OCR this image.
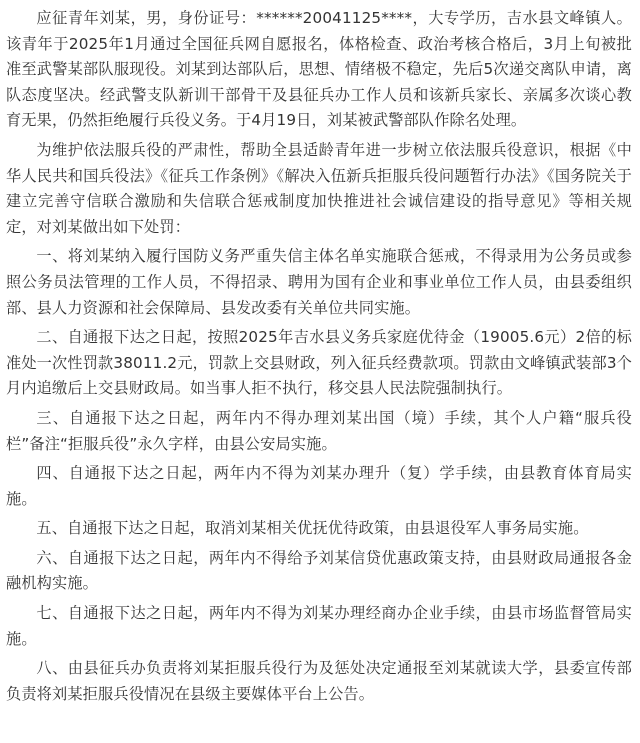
应征青年刘某，男，身份证号：******20041125****，大专学历，吉水县文峰镇人。该青年于2025年1月通过全国征兵网自愿报名，体格检查、政治考核合格后，3月上旬被批准至武警某部队服现役。刘某到达部队后，思想、情绪极不稳定，先后5次递交离队申请，离队态度坚决。经武警支队新训干部骨干及县征兵办工作人员和该新兵家长、亲属多次谈心教育无果，仍然拒绝履行兵役义务。于4月19日，刘某被武警部队作除名处理。

为维护依法服兵役的严肃性，帮助全县适龄青年进一步树立依法服兵役意识，根据《中华人民共和国兵役法》《征兵工作条例》《解决入伍新兵拒服兵役问题暂行办法》《国务院关于建立完善守信联合激励和失信联合惩戒制度加快推进社会诚信建设的指导意见》等相关规定，对刘某做出如下处罚：

一、将刘某纳入履行国防义务严重失信主体名单实施联合惩戒，不得录用为公务员或参照公务员法管理的工作人员，不得招录、聘用为国有企业和事业单位工作人员，由县委组织部、县人力资源和社会保障局、县发改委有关单位共同实施。

二、自通报下达之日起，按照2025年吉水县义务兵家庭优待金（19005.6元）2倍的标准处一次性罚款38011.2元，罚款上交县财政，列入征兵经费款项。罚款由文峰镇武装部3个月内追缴后上交县财政局。如当事人拒不执行，移交县人民法院强制执行。

三、自通报下达之日起，两年内不得办理刘某出国（境）手续，其个人户籍“服兵役栏”备注“拒服兵役”永久字样，由县公安局实施。

四、自通报下达之日起，两年内不得为刘某办理升（复）学手续，由县教育体育局实施。

五、自通报下达之日起，取消刘某相关优抚优待政策，由县退役军人事务局实施。

六、自通报下达之日起，两年内不得给予刘某信贷优惠政策支持，由县财政局通报各金融机构实施。

七、自通报下达之日起，两年内不得为刘某办理经商办企业手续，由县市场监督管局实施。

八、由县征兵办负责将刘某拒服兵役行为及惩处决定通报至刘某就读大学，县委宣传部负责将刘某拒服兵役情况在县级主要媒体平台上公告。
